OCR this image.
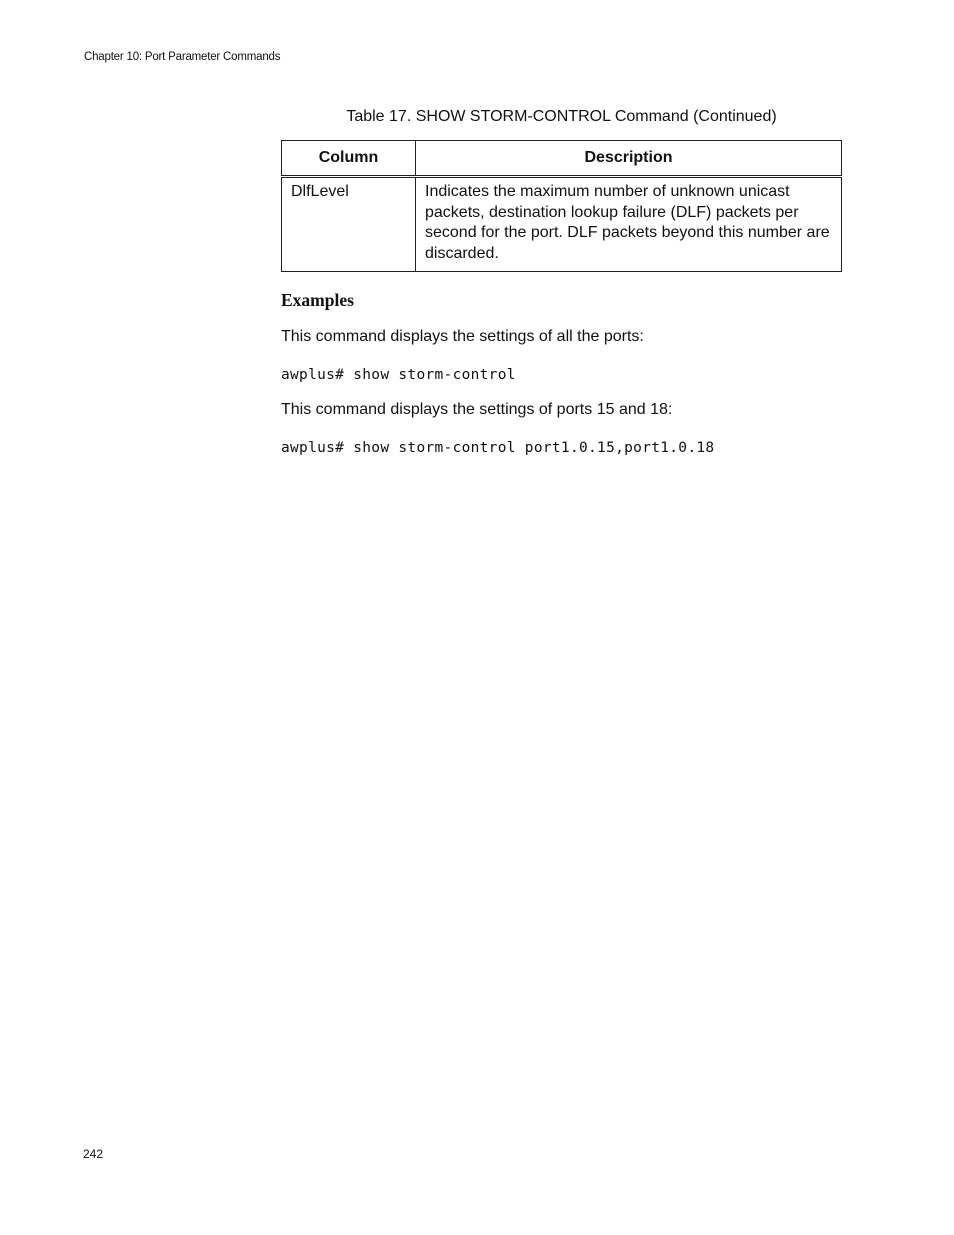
Chapter 10: Port Parameter Commands
Table 17. SHOW STORM-CONTROL Command (Continued)
Column	Description
DlfLevel	Indicates the maximum number of unknown unicast packets, destination lookup failure (DLF) packets per second for the port. DLF packets beyond this number are discarded.
Examples
This command displays the settings of all the ports:
awplus# show storm-control
This command displays the settings of ports 15 and 18:
awplus# show storm-control port1.0.15,port1.0.18
242
